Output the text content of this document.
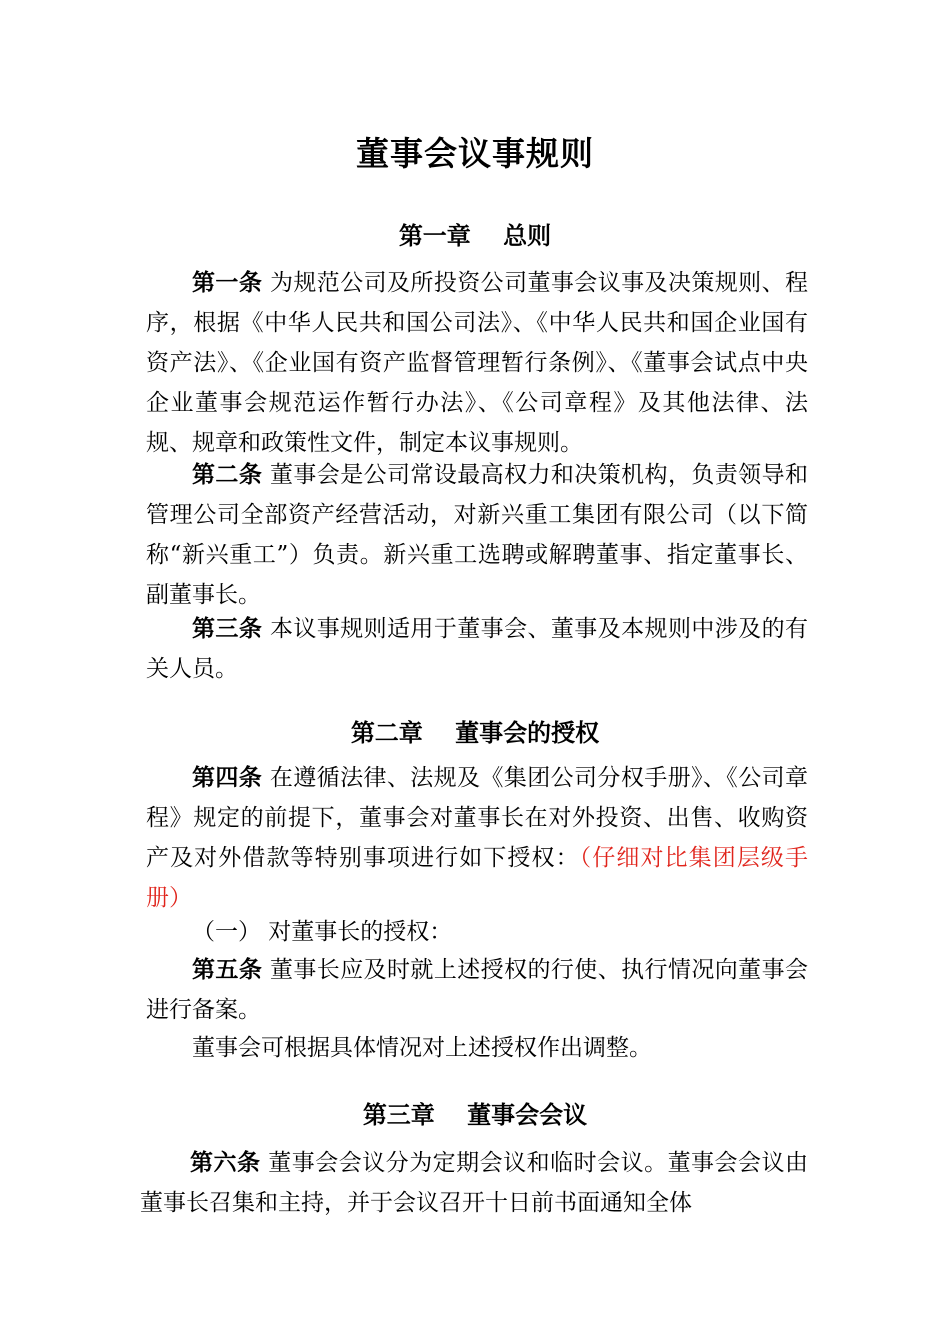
董事会议事规则
第一章　 总则

第一条 为规范公司及所投资公司董事会议事及决策规则、程序，根据《中华人民共和国公司法》、《中华人民共和国企业国有资产法》、《企业国有资产监督管理暂行条例》、《董事会试点中央企业董事会规范运作暂行办法》、《公司章程》及其他法律、法规、规章和政策性文件，制定本议事规则。

第二条 董事会是公司常设最高权力和决策机构，负责领导和管理公司全部资产经营活动，对新兴重工集团有限公司（以下简称“新兴重工”）负责。新兴重工选聘或解聘董事、指定董事长、副董事长。

第三条 本议事规则适用于董事会、董事及本规则中涉及的有关人员。

第二章　 董事会的授权

第四条 在遵循法律、法规及《集团公司分权手册》、《公司章程》规定的前提下，董事会对董事长在对外投资、出售、收购资产及对外借款等特别事项进行如下授权：（仔细对比集团层级手册）

（一） 对董事长的授权：

第五条 董事长应及时就上述授权的行使、执行情况向董事会进行备案。

董事会可根据具体情况对上述授权作出调整。

第三章　 董事会会议

第六条 董事会会议分为定期会议和临时会议。董事会会议由董事长召集和主持，并于会议召开十日前书面通知全体
